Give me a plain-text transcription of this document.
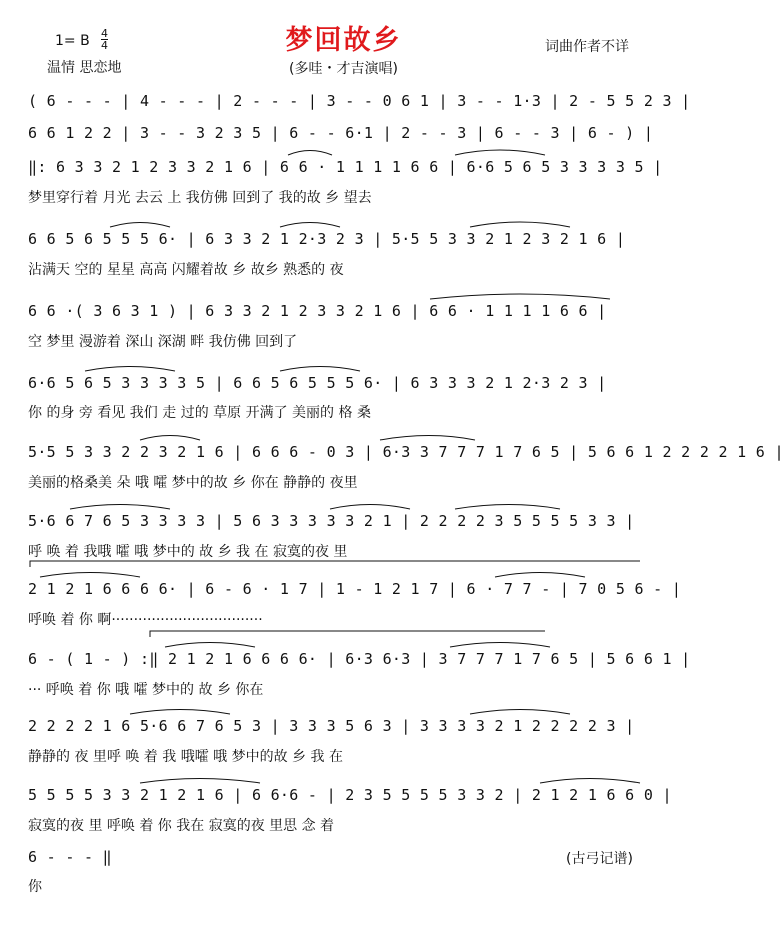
梦回故乡
1= B 4
4
温情 思恋地	(多哇・才吉演唱)
词曲作者不详
( 6 - - - | 4 - - - | 2 - - - | 3 - - 0 6 1 | 3 - - 1·3 | 2 - 5 5 2 3 |
6 6 1 2 2 | 3 - - 3 2 3 5 | 6 - - 6·1 | 2 - - 3 | 6 - - 3 | 6 - ) |
‖: 6 3 3 2 1 2 3 3 2 1 6 | 6 6 · 1 1 1 1 6 6 | 6·6 5 6 5 3 3 3 3 5 |
梦里穿行着 月光 去云 上 我仿佛 回到了 我的故 乡 望去
6 6 5 6 5 5 5 6· | 6 3 3 2 1 2·3 2 3 | 5·5 5 3 3 2 1 2 3 2 1 6 |
沾满天 空的 星星 高高 闪耀着故 乡 故乡 熟悉的 夜
6 6 ·( 3 6 3 1 ) | 6 3 3 2 1 2 3 3 2 1 6 | 6 6 · 1 1 1 1 6 6 |
空 梦里 漫游着 深山 深湖 畔 我仿佛 回到了
6·6 5 6 5 3 3 3 3 5 | 6 6 5 6 5 5 5 6· | 6 3 3 3 2 1 2·3 2 3 |
你 的身 旁 看见 我们 走 过的 草原 开满了 美丽的 格 桑
5·5 5 3 3 2 2 3 2 1 6 | 6 6 6 - 0 3 | 6·3 3 7 7 7 1 7 6 5 | 5 6 6 1 2 2 2 2 1 6 |
美丽的格桑美 朵 哦 嚯 梦中的故 乡 你在 静静的 夜里
5·6 6 7 6 5 3 3 3 3 | 5 6 3 3 3 3 3 2 1 | 2 2 2 2 3 5 5 5 5 3 3 |
呼 唤 着 我哦 嚯 哦 梦中的 故 乡 我 在 寂寞的夜 里
2 1 2 1 6 6 6 6· | 6 - 6 · 1 7 | 1 - 1 2 1 7 | 6 · 7 7 - | 7 0 5 6 - |
呼唤 着 你 啊··································
6 - ( 1 - ) :‖ 2 1 2 1 6 6 6 6· | 6·3 6·3 | 3 7 7 7 1 7 6 5 | 5 6 6 1 |
··· 呼唤 着 你 哦 嚯 梦中的 故 乡 你在
2 2 2 2 1 6 5·6 6 7 6 5 3 | 3 3 3 5 6 3 | 3 3 3 3 2 1 2 2 2 2 3 |
静静的 夜 里呼 唤 着 我 哦嚯 哦 梦中的故 乡 我 在
5 5 5 5 3 3 2 1 2 1 6 | 6 6·6 - | 2 3 5 5 5 5 3 3 2 | 2 1 2 1 6 6 0 |
寂寞的夜 里 呼唤 着 你 我在 寂寞的夜 里思 念 着
6 - - - ‖
你
(古弓记谱)
